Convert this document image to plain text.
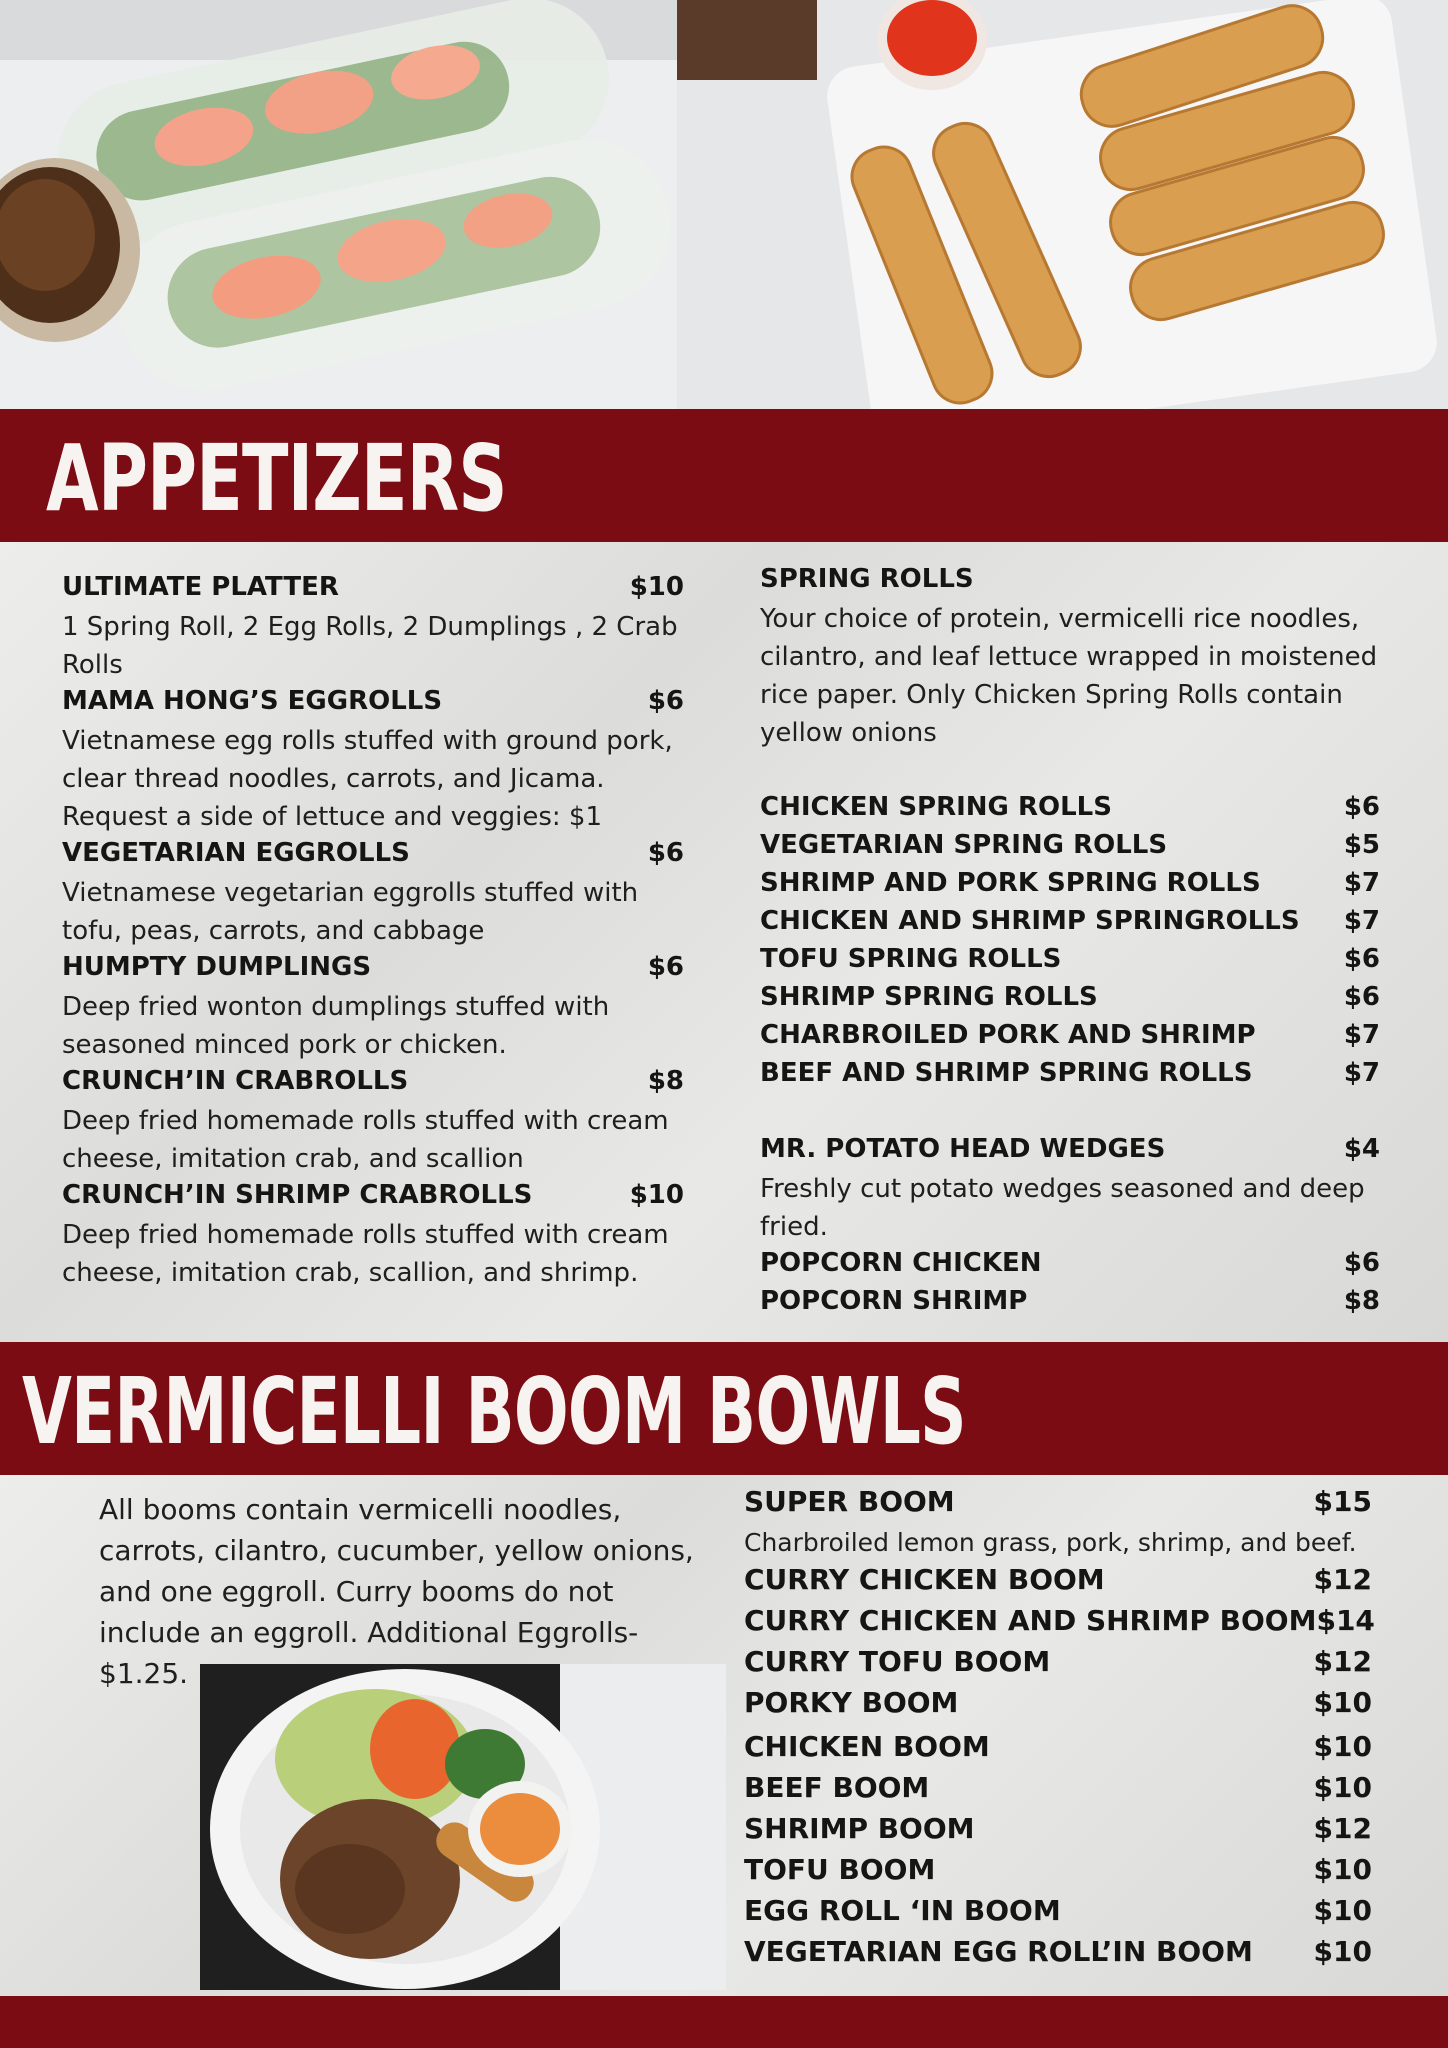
APPETIZERS
ULTIMATE PLATTER	$10
1 Spring Roll, 2 Egg Rolls, 2 Dumplings , 2 Crab
Rolls
MAMA HONG’S EGGROLLS	$6
Vietnamese egg rolls stuffed with ground pork,
clear thread noodles, carrots, and Jicama.
Request a side of lettuce and veggies: $1
VEGETARIAN EGGROLLS	$6
Vietnamese vegetarian eggrolls stuffed with
tofu, peas, carrots, and cabbage
HUMPTY DUMPLINGS	$6
Deep fried wonton dumplings stuffed with
seasoned minced pork or chicken.
CRUNCH’IN CRABROLLS	$8
Deep fried homemade rolls stuffed with cream
cheese, imitation crab, and scallion
CRUNCH’IN SHRIMP CRABROLLS	$10
Deep fried homemade rolls stuffed with cream
cheese, imitation crab, scallion, and shrimp.
SPRING ROLLS
Your choice of protein, vermicelli rice noodles,
cilantro, and leaf lettuce wrapped in moistened
rice paper. Only Chicken Spring Rolls contain
yellow onions
CHICKEN SPRING ROLLS	$6
VEGETARIAN SPRING ROLLS	$5
SHRIMP AND PORK SPRING ROLLS	$7
CHICKEN AND SHRIMP SPRINGROLLS $7
TOFU SPRING ROLLS	$6
SHRIMP SPRING ROLLS	$6
CHARBROILED PORK AND SHRIMP	$7
BEEF AND SHRIMP SPRING ROLLS	$7
MR. POTATO HEAD WEDGES	$4
Freshly cut potato wedges seasoned and deep
fried.
POPCORN CHICKEN	$6
POPCORN SHRIMP	$8
VERMICELLI BOOM BOWLS
All booms contain vermicelli noodles,
carrots, cilantro, cucumber, yellow onions,
and one eggroll. Curry booms do not
include an eggroll. Additional Eggrolls-
$1.25.
SUPER BOOM	$15
Charbroiled lemon grass, pork, shrimp, and beef.
CURRY CHICKEN BOOM	$12
CURRY CHICKEN AND SHRIMP BOOM $14
CURRY TOFU BOOM	$12
PORKY BOOM	$10
CHICKEN BOOM	$10
BEEF BOOM	$10
SHRIMP BOOM	$12
TOFU BOOM	$10
EGG ROLL ‘IN BOOM	$10
VEGETARIAN EGG ROLL’IN BOOM $10
